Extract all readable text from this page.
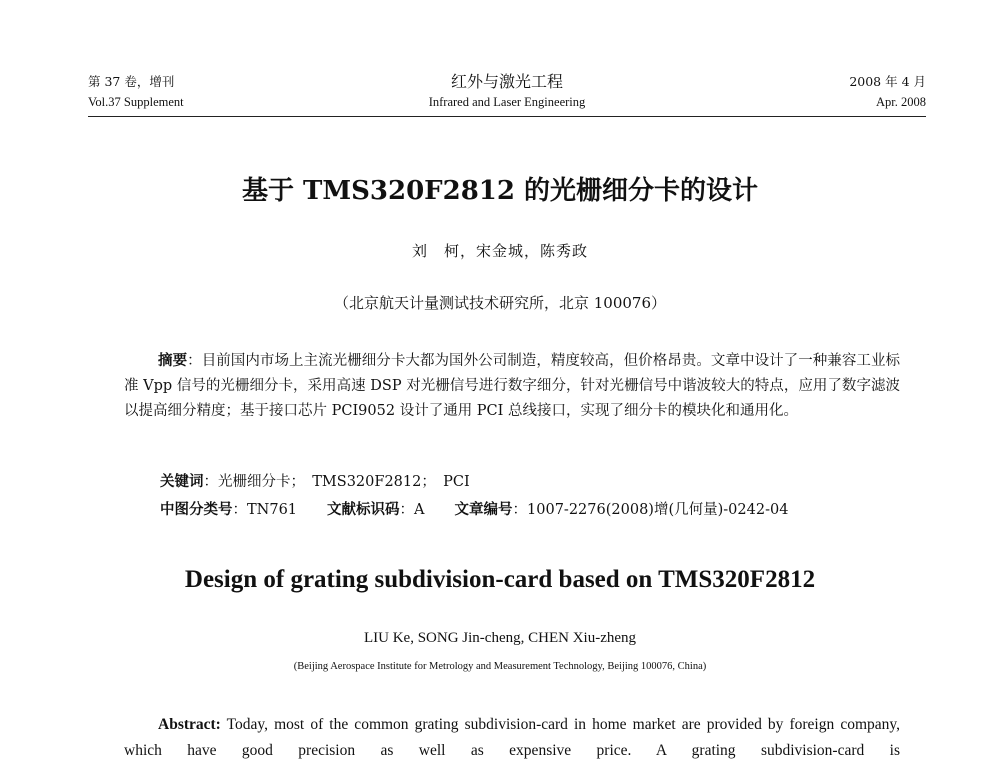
第 37 卷，增刊
Vol.37 Supplement
红外与激光工程
Infrared and Laser Engineering
2008 年 4 月
Apr. 2008
基于 TMS320F2812 的光栅细分卡的设计
刘　柯，宋金城，陈秀政
（北京航天计量测试技术研究所，北京 100076）
摘要：目前国内市场上主流光栅细分卡大都为国外公司制造，精度较高，但价格昂贵。文章中设计了一种兼容工业标准 Vpp 信号的光栅细分卡，采用高速 DSP 对光栅信号进行数字细分，针对光栅信号中谐波较大的特点，应用了数字滤波以提高细分精度；基于接口芯片 PCI9052 设计了通用 PCI 总线接口，实现了细分卡的模块化和通用化。
关键词：光栅细分卡；　TMS320F2812；　PCI
中图分类号：TN761 文献标识码：A 文章编号：1007-2276(2008)增(几何量)-0242-04
Design of grating subdivision-card based on TMS320F2812
LIU Ke, SONG Jin-cheng, CHEN Xiu-zheng
(Beijing Aerospace Institute for Metrology and Measurement Technology, Beijing 100076, China)
Abstract: Today, most of the common grating subdivision-card in home market are provided by foreign company, which have good precision as well as expensive price. A grating subdivision-card is
